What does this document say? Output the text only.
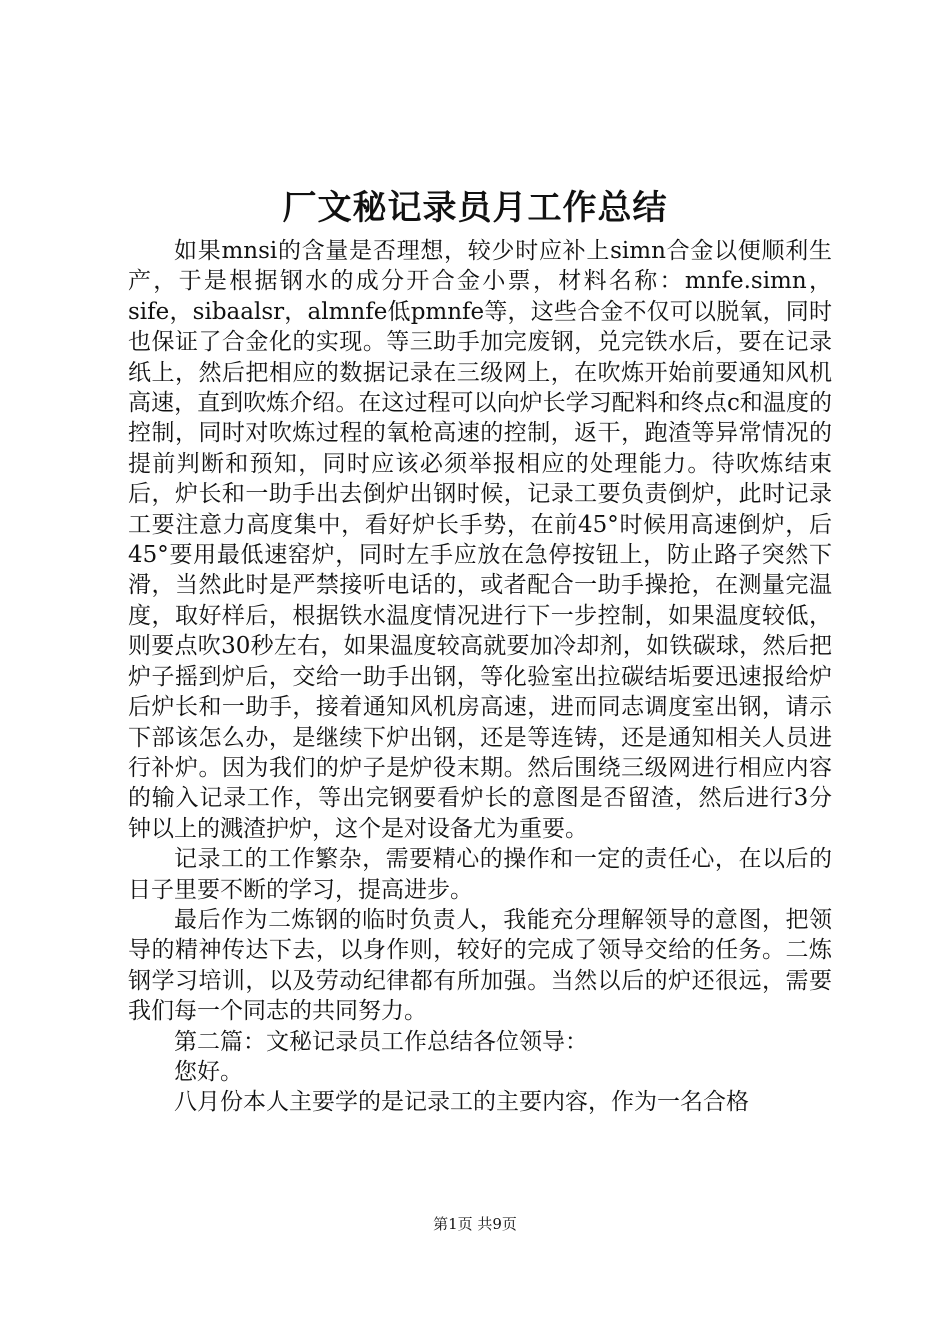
厂文秘记录员月工作总结

如果mnsi的含量是否理想，较少时应补上simn合金以便顺利生产，于是根据钢水的成分开合金小票，材料名称：mnfe.simn，sife，sibaalsr，almnfe低pmnfe等，这些合金不仅可以脱氧，同时也保证了合金化的实现。等三助手加完废钢，兑完铁水后，要在记录纸上，然后把相应的数据记录在三级网上，在吹炼开始前要通知风机高速，直到吹炼介绍。在这过程可以向炉长学习配料和终点c和温度的控制，同时对吹炼过程的氧枪高速的控制，返干，跑渣等异常情况的提前判断和预知，同时应该必须举报相应的处理能力。待吹炼结束后，炉长和一助手出去倒炉出钢时候，记录工要负责倒炉，此时记录工要注意力高度集中，看好炉长手势，在前45°时候用高速倒炉，后45°要用最低速窑炉，同时左手应放在急停按钮上，防止路子突然下滑，当然此时是严禁接听电话的，或者配合一助手操抢，在测量完温度，取好样后，根据铁水温度情况进行下一步控制，如果温度较低，则要点吹30秒左右，如果温度较高就要加冷却剂，如铁碳球，然后把炉子摇到炉后，交给一助手出钢，等化验室出拉碳结垢要迅速报给炉后炉长和一助手，接着通知风机房高速，进而同志调度室出钢，请示下部该怎么办，是继续下炉出钢，还是等连铸，还是通知相关人员进行补炉。因为我们的炉子是炉役末期。然后围绕三级网进行相应内容的输入记录工作，等出完钢要看炉长的意图是否留渣，然后进行3分钟以上的溅渣护炉，这个是对设备尤为重要。

记录工的工作繁杂，需要精心的操作和一定的责任心，在以后的日子里要不断的学习，提高进步。

最后作为二炼钢的临时负责人，我能充分理解领导的意图，把领导的精神传达下去，以身作则，较好的完成了领导交给的任务。二炼钢学习培训，以及劳动纪律都有所加强。当然以后的炉还很远，需要我们每一个同志的共同努力。

第二篇：文秘记录员工作总结各位领导：

您好。

八月份本人主要学的是记录工的主要内容，作为一名合格

第1页 共9页
